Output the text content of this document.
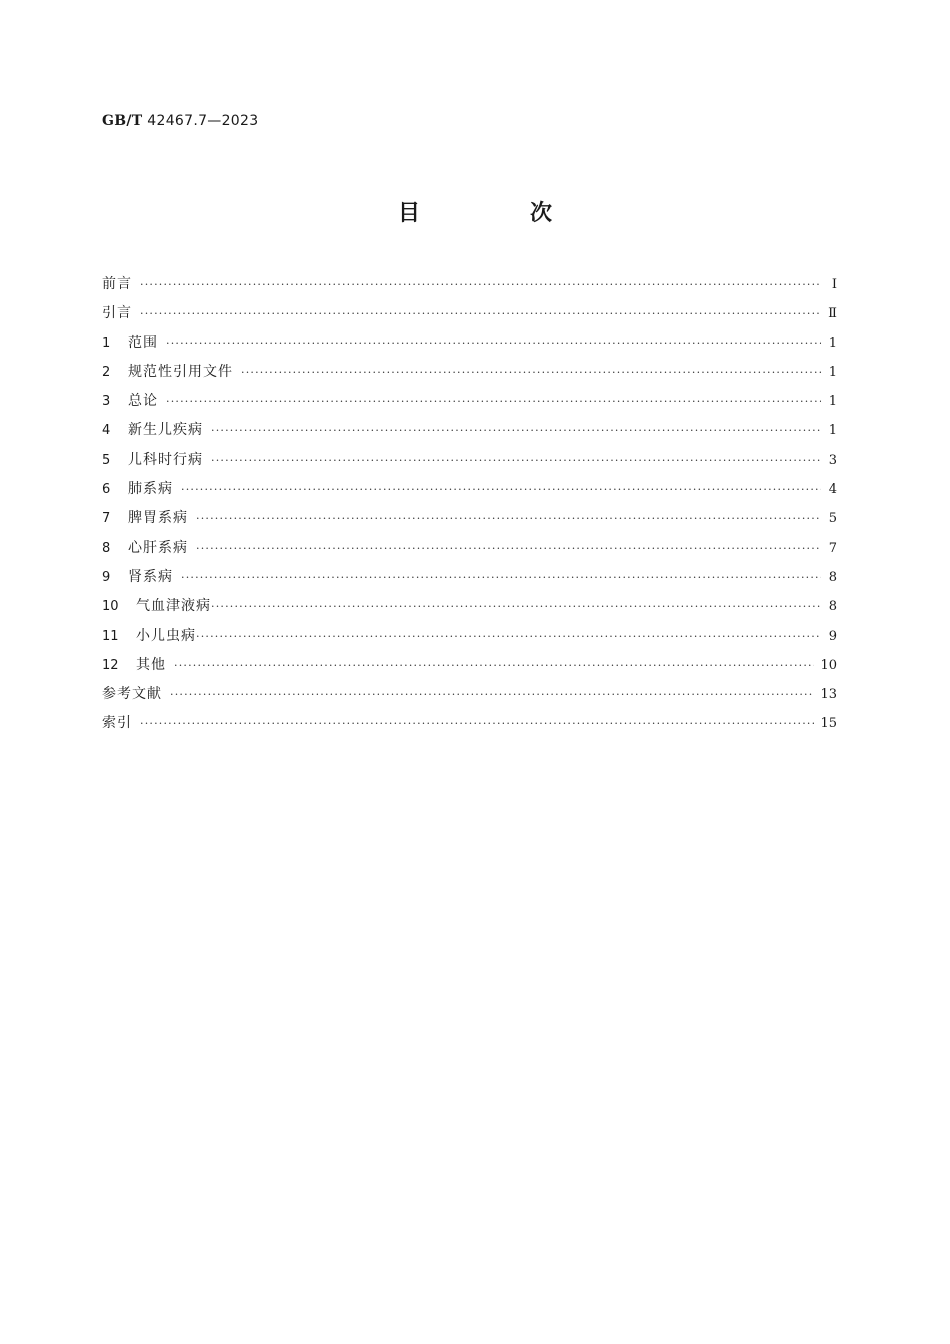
GB/T 42467.7—2023
目　次
前言 ·····	Ⅰ
引言 ·····	Ⅱ
1	范围 ·····	1
2	规范性引用文件 ·····	1
3	总论 ·····	1
4	新生儿疾病 ·····	1
5	儿科时行病 ·····	3
6	肺系病 ·····	4
7	脾胃系病 ·····	5
8	心肝系病 ·····	7
9	肾系病 ·····	8
10	气血津液病 ·····	8
11	小儿虫病 ·····	9
12	其他 ·····	10
参考文献 ·····	13
索引 ·····	15
